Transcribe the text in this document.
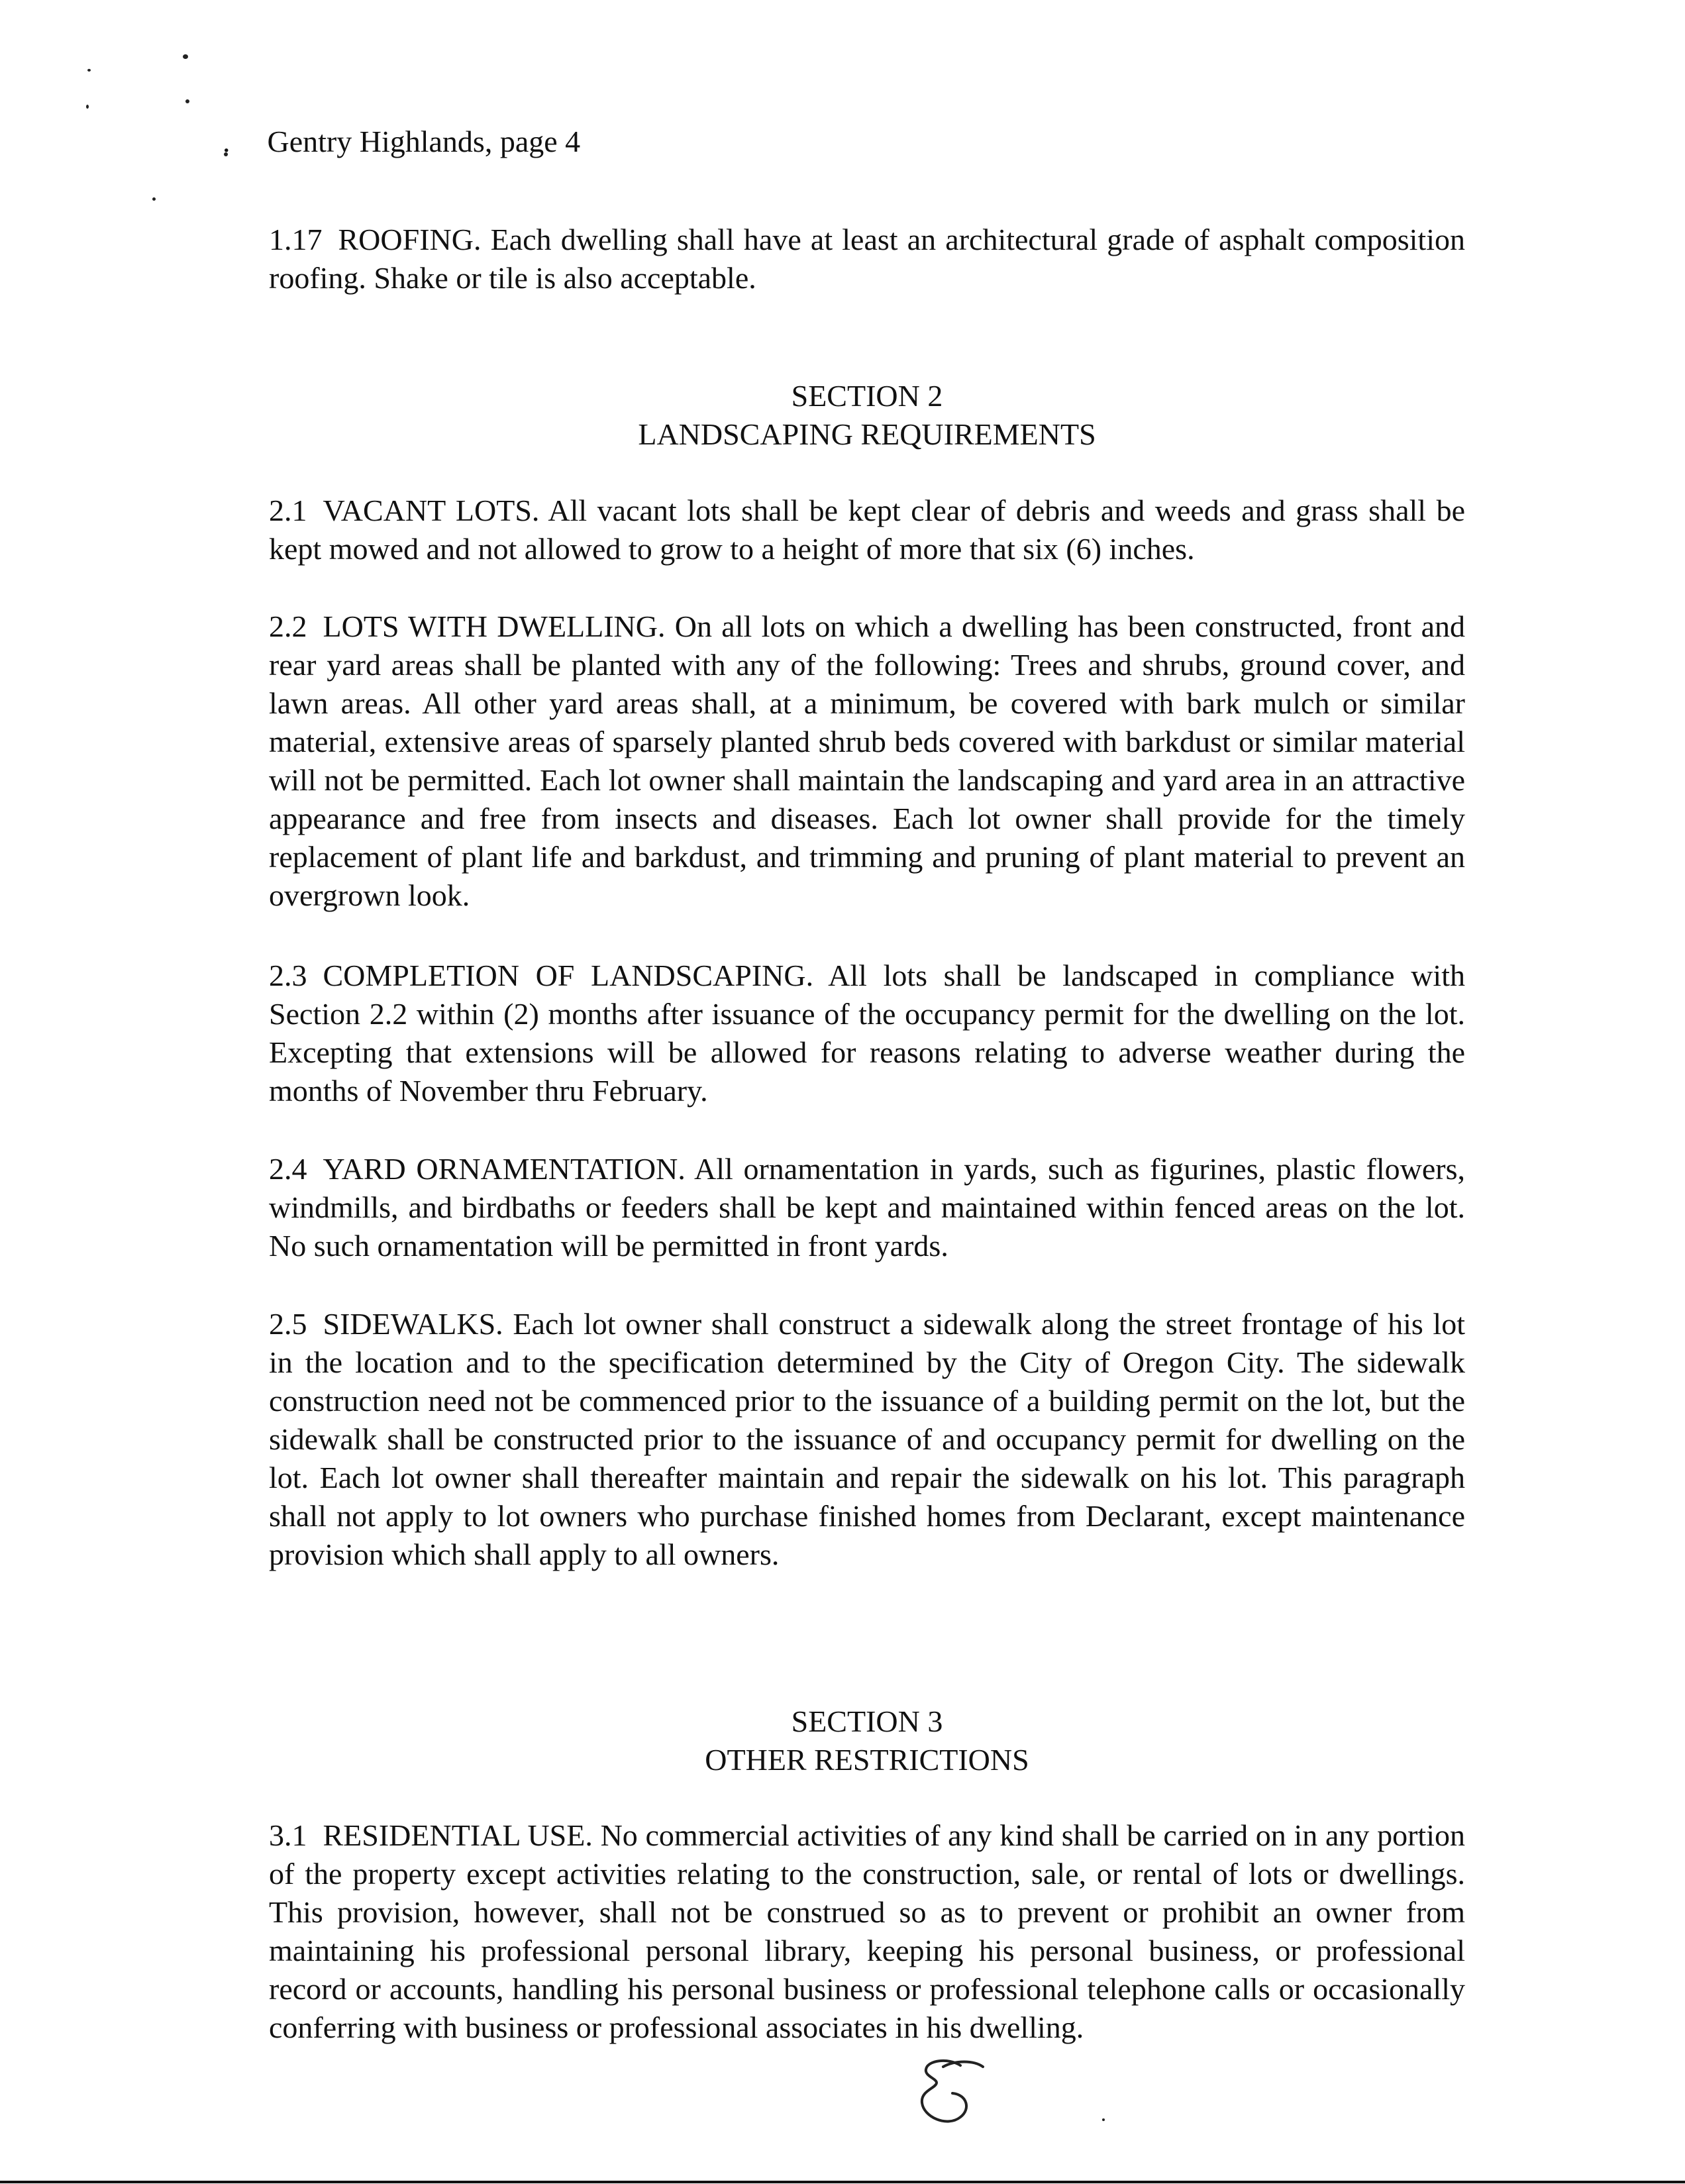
. Gentry Highlands, page 4

1.17 ROOFING. Each dwelling shall have at least an architectural grade of asphalt composition roofing. Shake or tile is also acceptable.

SECTION 2
LANDSCAPING REQUIREMENTS

2.1 VACANT LOTS. All vacant lots shall be kept clear of debris and weeds and grass shall be kept mowed and not allowed to grow to a height of more that six (6) inches.

2.2 LOTS WITH DWELLING. On all lots on which a dwelling has been constructed, front and rear yard areas shall be planted with any of the following: Trees and shrubs, ground cover, and lawn areas. All other yard areas shall, at a minimum, be covered with bark mulch or similar material, extensive areas of sparsely planted shrub beds covered with barkdust or similar material will not be permitted. Each lot owner shall maintain the landscaping and yard area in an attractive appearance and free from insects and diseases. Each lot owner shall provide for the timely replacement of plant life and barkdust, and trimming and pruning of plant material to prevent an overgrown look.

2.3 COMPLETION OF LANDSCAPING. All lots shall be landscaped in compliance with Section 2.2 within (2) months after issuance of the occupancy permit for the dwelling on the lot. Excepting that extensions will be allowed for reasons relating to adverse weather during the months of November thru February.

2.4 YARD ORNAMENTATION. All ornamentation in yards, such as figurines, plastic flowers, windmills, and birdbaths or feeders shall be kept and maintained within fenced areas on the lot. No such ornamentation will be permitted in front yards.

2.5 SIDEWALKS. Each lot owner shall construct a sidewalk along the street frontage of his lot in the location and to the specification determined by the City of Oregon City. The sidewalk construction need not be commenced prior to the issuance of a building permit on the lot, but the sidewalk shall be constructed prior to the issuance of and occupancy permit for dwelling on the lot. Each lot owner shall thereafter maintain and repair the sidewalk on his lot. This paragraph shall not apply to lot owners who purchase finished homes from Declarant, except maintenance provision which shall apply to all owners.

SECTION 3
OTHER RESTRICTIONS

3.1 RESIDENTIAL USE. No commercial activities of any kind shall be carried on in any portion of the property except activities relating to the construction, sale, or rental of lots or dwellings. This provision, however, shall not be construed so as to prevent or prohibit an owner from maintaining his professional personal library, keeping his personal business, or professional record or accounts, handling his personal business or professional telephone calls or occasionally conferring with business or professional associates in his dwelling.
